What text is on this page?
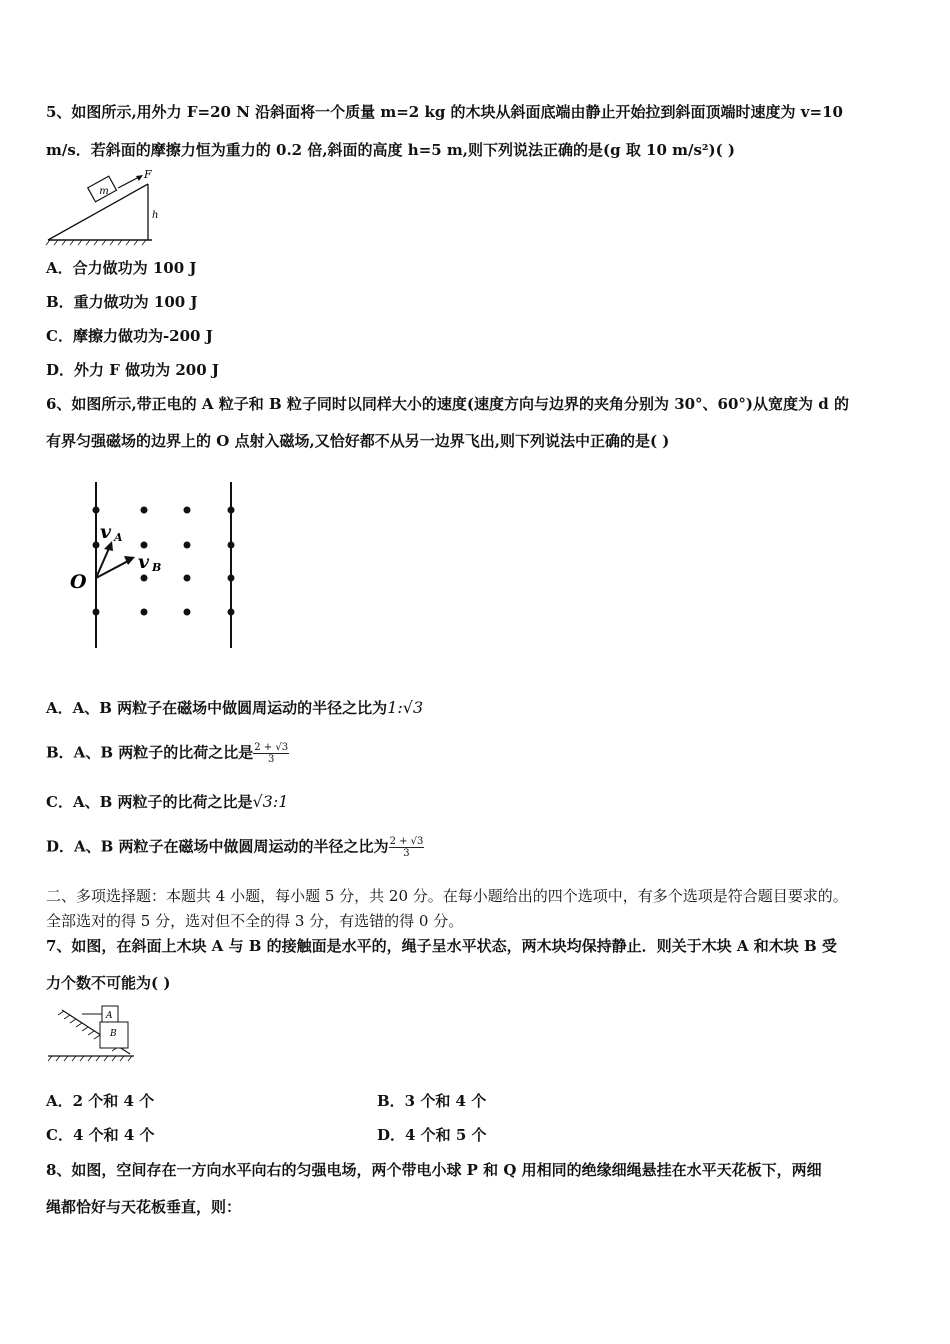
5、如图所示,用外力 F=20 N 沿斜面将一个质量 m=2 kg 的木块从斜面底端由静止开始拉到斜面顶端时速度为 v=10
m/s．若斜面的摩擦力恒为重力的 0.2 倍,斜面的高度 h=5 m,则下列说法正确的是(g 取 10 m/s²)( )
m
F
h
A．合力做功为 100 J
B．重力做功为 100 J
C．摩擦力做功为-200 J
D．外力 F 做功为 200 J
6、如图所示,带正电的 A 粒子和 B 粒子同时以同样大小的速度(速度方向与边界的夹角分别为 30°、60°)从宽度为 d 的
有界匀强磁场的边界上的 O 点射入磁场,又恰好都不从另一边界飞出,则下列说法中正确的是( )
v A
v B
O
A．A、B 两粒子在磁场中做圆周运动的半径之比为1:√3
B．A、B 两粒子的比荷之比是 $\frac{2 + √3}{3}$
C．A、B 两粒子的比荷之比是√3:1
D．A、B 两粒子在磁场中做圆周运动的半径之比为 $\frac{2 + √3}{3}$
二、多项选择题：本题共 4 小题，每小题 5 分，共 20 分。在每小题给出的四个选项中，有多个选项是符合题目要求的。
全部选对的得 5 分，选对但不全的得 3 分，有选错的得 0 分。
7、如图，在斜面上木块 A 与 B 的接触面是水平的，绳子呈水平状态，两木块均保持静止．则关于木块 A 和木块 B 受
力个数不可能为( )
A
B
A．2 个和 4 个	B．3 个和 4 个
C．4 个和 4 个	D．4 个和 5 个
8、如图，空间存在一方向水平向右的匀强电场，两个带电小球 P 和 Q 用相同的绝缘细绳悬挂在水平天花板下，两细
绳都恰好与天花板垂直，则：
